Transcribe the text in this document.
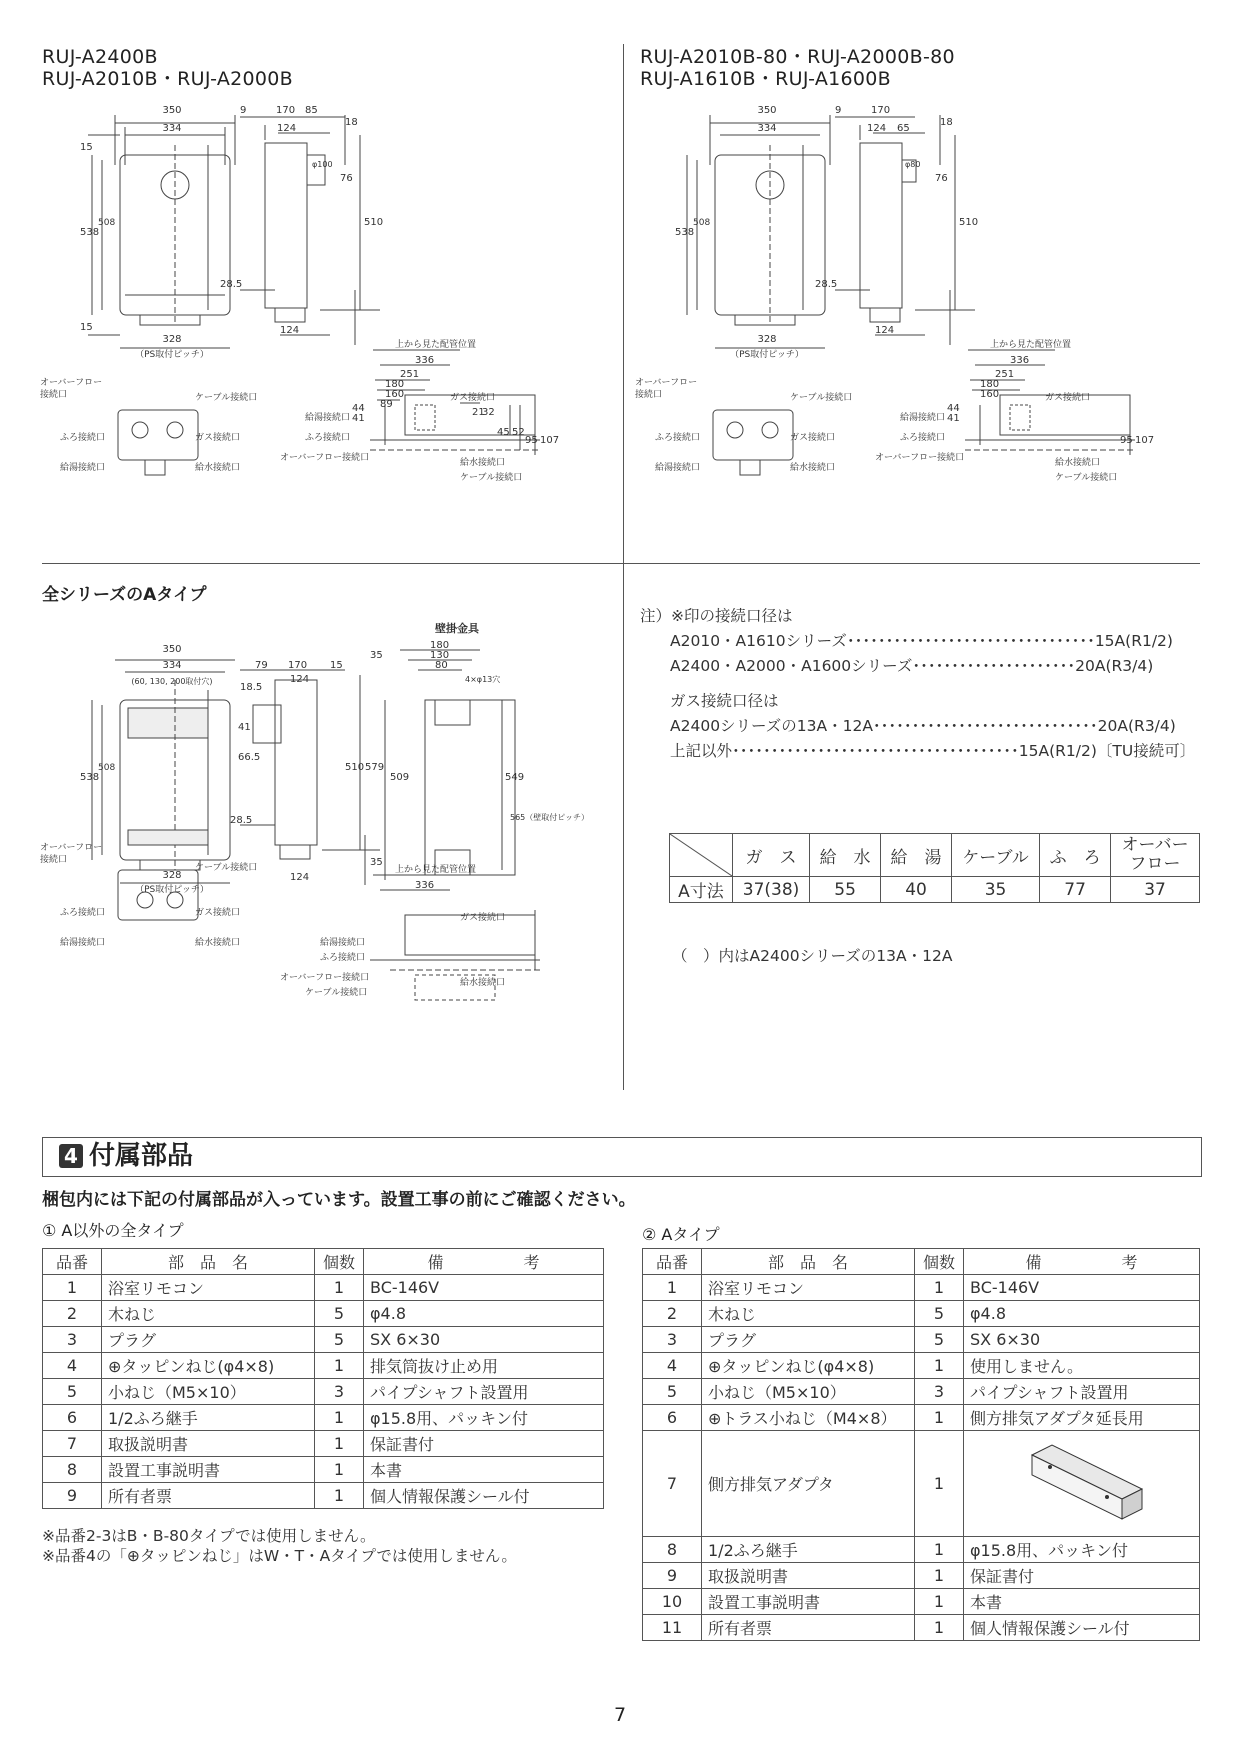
RUJ-A2400B
RUJ-A2010B・RUJ-A2000B
RUJ-A2010B-80・RUJ-A2000B-80
RUJ-A1610B・RUJ-A1600B
350
334
328
（PS取付ピッチ）
538
508
15
15
9	170 85
124
18
76
510
φ100
28.5
124
上から見た配管位置
336
251
180
160
89
44
41
21
32
45 52
95 107
オーバーフロー
接続口	ケーブル接続口
ふろ接続口	ガス接続口
給湯接続口	給水接続口
給湯接続口
ふろ接続口
オーバーフロー接続口
ガス接続口
給水接続口
ケーブル接続口
350
334
328
（PS取付ピッチ）
538
508
9	170
124 65
18
76
510
φ80
28.5
124
上から見た配管位置
336
251
180
160
44
41
95 107
オーバーフロー
接続口	ケーブル接続口
ふろ接続口	ガス接続口
給湯接続口	給水接続口
給湯接続口
ふろ接続口
オーバーフロー接続口
ガス接続口
給水接続口
ケーブル接続口
全シリーズのAタイプ
350
334
(60, 130, 200取付穴)
328
（PS取付ピッチ）
538
508
18.5
79 170 15
124
41
66.5
510 579
28.5
124
壁掛金具
180
130
80
4×φ13穴
35
35
509	549
565（壁取付ピッチ）
上から見た配管位置
336
オーバーフロー
接続口
ケーブル接続口
ふろ接続口	ガス接続口
給湯接続口	給水接続口	給湯接続口
ふろ接続口
オーバーフロー接続口
ケーブル接続口
ガス接続口
給水接続口
注）※印の接続口径は
A2010・A1610シリーズ････････････････････････････････15A(R1/2)
A2400・A2000・A1600シリーズ･････････････････････20A(R3/4)
ガス接続口径は
A2400シリーズの13A・12A･････････････････････････････20A(R3/4)
上記以外･････････････････････････････････････15A(R1/2)〔TU接続可〕
	ガ　ス	給　水	給　湯	ケーブル	ふ　ろ	オーバー
フロー

A寸法	37(38)	55	40	35	77	37
（　）内はA2400シリーズの13A・12A
4 付属部品
梱包内には下記の付属部品が入っています。設置工事の前にご確認ください。
① A以外の全タイプ	② Aタイプ
品番	部　品　名	個数	備　　　　　考
1	浴室リモコン	1	BC-146V
2	木ねじ	5	φ4.8
3	プラグ	5	SX 6×30
4	⊕タッピンねじ(φ4×8)	1	排気筒抜け止め用
5	小ねじ（M5×10）	3	パイプシャフト設置用
6	1/2ふろ継手	1	φ15.8用、パッキン付
7	取扱説明書	1	保証書付
8	設置工事説明書	1	本書
9	所有者票	1	個人情報保護シール付
※品番2-3はB・B-80タイプでは使用しません。
※品番4の「⊕タッピンねじ」はW・T・Aタイプでは使用しません。
品番	部　品　名	個数	備　　　　　考
1	浴室リモコン	1	BC-146V
2	木ねじ	5	φ4.8
3	プラグ	5	SX 6×30
4	⊕タッピンねじ(φ4×8)	1	使用しません。
5	小ねじ（M5×10）	3	パイプシャフト設置用
6	⊕トラス小ねじ（M4×8）	1	側方排気アダプタ延長用
7	側方排気アダプタ	1	
8	1/2ふろ継手	1	φ15.8用、パッキン付
9	取扱説明書	1	保証書付
10	設置工事説明書	1	本書
11	所有者票	1	個人情報保護シール付
7
